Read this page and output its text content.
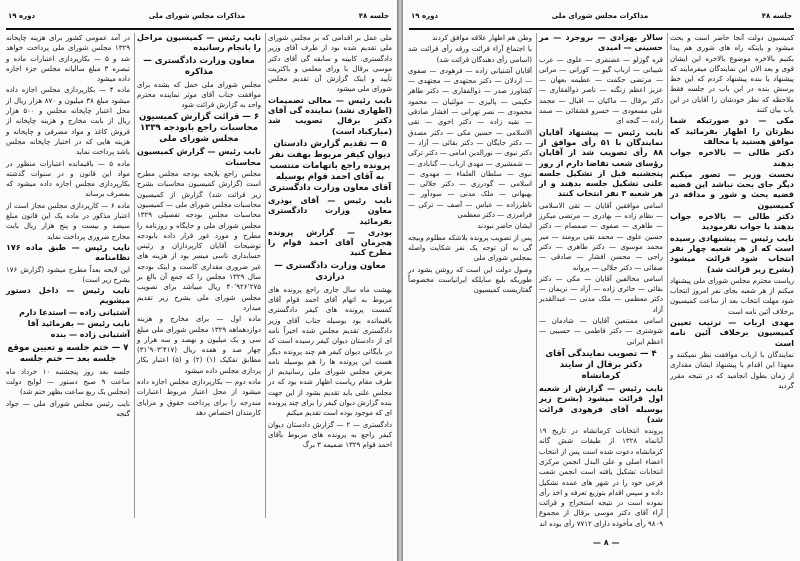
جلسه ۴۸
مذاکرات مجلس شورای ملی
دوره ۱۹

ملی عمل بر اقدامی که بر مجلس شورای ملی تقدیم شده بود از طرف آقای وزیر دادگستری. کابینه و سابقه گی آقای دکتر موسی برقال با ورای معلمی و باکثریت تأیید و اینک گزارش آن تقدیم مجلس شورای ملی میشود

نایب رئیس — معالی تصمیمات (اظهاری نشد) نماینده گی آقای دکتر برقال تصویب شد (مبارکباد است)

۵ — تقدیم گزارش دادستان دیوان کیفر مربوط بهفت نفر پرونده راجع باتهامات منتسب به آقای احمد قوام بوسیله آقای معاون وزارت دادگستری

نایب رئیس — آقای بوذری معاون وزارت دادگستری بفرمائید

بوذری — گزارش پرونده هجرمان آقای احمد قوام را مطرح کنید

معاون وزارت دادگستری — درازدی

بهشت ماه سال جاری راجع پرونده های مربوط به اتهام آقای احمد قوام آقای کمست پرونده های کیفر دادگستری باقیمانده بود بوسیله جناب آقای وزیر دادگستری تقدیم مجلس شده اخیراً نامه ای از دادستان دیوان کیفر رسیده است که در بایگانی دیوان کیفر هم چند پرونده دیگر هست این پرونده ها را هم بوسیله نامه بعرض مجلس شورای ملی رسانیدیم از طرف مقام ریاست اظهار شده بود که در مجلس علنی باید تقدیم بشود از این جهت بنده گزارش دیوان کیفر را برای چند پرونده ای که موجود بوده است تقدیم میکنم

دادگستری — ۲ — گزارش دادستان دیوان کیفر راجع به پرونده های مربوط بآقای احمد قوام ۱۳۲۹ ضمیمه ۳ برگ

نایب رئیس — کمیسیون مراحل را بانجام رسانیده

معاون وزارت دادگستری — مذاکره

مجلس شورای ملی حمل که بشده برای موافقت جناب آقای موثر نماینده محترم واحد به گزارش قرائت شود

۶ — قرائت گزارش کمیسیون محاسبات راجع بابودجه ۱۳۳۹ مجلس شورای ملی

نایب رئیس — گزارش کمیسیون محاسبات

مجلس راجع بلایحه بودجه مجلس مطرح است (گزارش کمیسیون محاسبات بشرح زیر قرائت شد) گزارش از کمیسیون محاسبات مجلس شورای ملی — کمیسیون محاسبات مجلس بودجه تفصیلی ۱۳۲۹ مجلس شورای ملی و جایگاه و روزنامه را مطرح و مورد غور قرار داده بابودجه توضیحات آقایان کارپردازان و رئیس حسابداری تاسی میسر بود از هزینه های غیر ضروری مقداری کاست و اینک بودجه سال ۱۳۲۹ مجلس را که جمع آن بالغ بر ۴۰٬۹۲۶٬۲۷۵ ریال میباشد برای تصویب مجلس شورای ملی بشرح زیر تقدیم میدارد

ماده اول — برای مخارج و هزینه دوازدهماهه ۱۳۲۹ مجلس شورای ملی مبلغ سی و یک میلیون و نهصد و سه هزار و چهار صد و هفده ریال (۳۱٬۹۰۳٬۴۱۷) مطابق تفکیک (۱) (۲) و (۵) اعتبار بکار پردازی مجلس داده میشود

ماده دوم — بکارپردازی مجلس اجازه داده میشود از محل اعتبار مربوط اعتبارات مندرجه را برای پرداخت حقوق و مزایای کارمندان اختصاص دهد

در آمد عمومی کشور برای هزینه چاپخانه ۱۳۲۹ مجلس شورای ملی پرداخت خواهد شد و ۵ — بکارپردازی اعتبارات ماده و تبصره ۳ مبلغ سالیانه مجلس جزء اجازه داده میشود

ماده ۴ — بکارپردازی مجلس اجازه داده میشود مبلغ ۳۸ میلیون و ۸۷۰ هزار ریال از محل اعتبار چاپخانه مجلس و ۵۰۰ هزار ریال از بابت مخارج و هزینه چاپخانه از فروش کاغذ و مواد مصرفی و چاپخانه و هزینه هایی که در اختیار چاپخانه مجلس باشد پرداخت نماید

ماده ۵ — باقیمانده اعتبارات منظور در مواد این قانون و در سنوات گذشته بکارپردازی مجلس اجازه داده میشود که بمصرف برساند

ماده ۶ — کارپردازی مجلس مجاز است از اعتبار مذکور در ماده یک این قانون مبلغ سیصد و بیست و پنج هزار ریال بابت مخارج ضروری پرداخت نماید

نایب رئیس — طبق ماده ۱۷۶ نظامنامه

این لایحه بعداً مطرح میشود (گزارش ۱۷۶ بشرح زیر است)

نایب رئیس — داخل دستور میشویم

آشتیانی زاده — استدعا دارم

نایب رئیس — بفرمائید آقا

آشتیانی زاده — بنده

۷ — ختم جلسه و تعیین موقع جلسه بعد — ختم جلسه

جلسه بعد روز پنجشنبه ۱۰ خرداد ماه ساعت ۹ صبح دستور — لوایح دولت (مجلس یک ربع ساعت بظهر ختم شد)

نایب رئیس مجلس شورای ملی — جواد گنجه

جلسه ۴۸
مذاکرات مجلس شورای ملی
دوره ۱۹

کمیسیون دولت آنجا حاضر است و بحث میشود و یاینکه راه های شوری هم پیدا بکنیم بالاخره موضوع بالاخره این ایشان قوی و بعد الان این نمایندگان میفرمایند که پیشنهاد یا بنده پیشنهاد کردم که این خط پرسش بنده در این باب در جلسه فقط ملاحظه که نظر خودشان را آقایان در این باب بیان کنند

مکی — دو صورتیکه شما نظرتان را اظهار بفرمائید که موافق هستید یا مخالف

دکتر طالی — بالاخره جواب بدهند

نخست وزیر — تصور میکنم دیگر جای بحث نباشد این قضیه قضیه بحث و شور و مداقه در کمیسیون

دکتر طالی — بالاخره جواب بدهند یا جواب نفرمودید

نایب رئیس — پیشنهادی رسیده است که از هر شعبه چهار نفر انتخاب شود قرائت میشود (بشرح زیر قرائت شد)

ریاست محترم مجلس شورای ملی پیشنهاد میکنم از هر شعبه بجای نفر امروز انتخاب شود مهلت انتخاب بعد از ساعت کمیسیون برخلاف آئین نامه است

مهدی ارباب — ترتیب تعیین کمیسیون برخلاف آئین نامه است

نمایندگان با ارباب موافقت نظر نمیکنند و معهذا این اقدام با پیشنهاد ایشان مقداری از زمان بطول انجامید که در نتیجه مقرر گردید

سالار بهزادی — بروجرد — مر حسینی — امیدی

قره گوزلو — غضنفری — علوی — عرب شیبانی — ارباب گیو — کورانی — مراتی — مرتضی حکمت — عطیمه بعهان — عزیز اعظم زنگنه — ناصر ذوالفقاری — دکتر برقال — ماکیان — اقبال — محمد علی مسعودی — خسرو قشقائی — صمد زاده — گنجه ای

نایب رئیس — پیشنهاد آقایان نمایندگان با ۵۱ رأی موافق از ۸۸ رأی تصویب شد از آقایان رؤسای شعب تقاضا دارم از روز پنجشنبه قبل از تشکیل جلسه علنی تشکیل جلسه بدهند و از هر شعبه ۳ نفر انتخاب کنند

اسامی موافقین آقایان — تقی الاسلامی — نظام زاده — بهادری — مرتضی میکرز — طاهری — صفوی — صمصام — دکتر حسین علوی — محمد تقی برومند — میر محمد موسوی — دکتر طاهری — دکتر راجی — محسن افشار — صادقی — صفائی — دکتر جلالی — پروانه

اسامی مخالفین آقایان — مکی — دکتر بقائی — حائری زاده — آزاد — نریمان — دکتر معظمی — ملک مدنی — عبدالقدیر آزاد

اسامی ممتنعین آقایان — شادمان — شوشتری — دکتر فاطمی — حسیبی — اعظم ایرانی

۴ — تصویب نمایندگی آقای دکتر برقال از سایند کرمانشاه

نایب رئیس — گزارش از شعبه اول قرائت میشود (بشرح زیر بوسیله آقای فرهودی قرائت شد)

پرونده انتخابات کرمانشاه در تاریخ ۱۹ آبانماه ۱۳۲۸ از طبقات شش گانه کرمانشاه دعوت شده است پس از انتخاب اعضاء اصلی و علی البدل انجمن مرکزی انتخابات تشکیل یافته است انجمن شعب فرعی خود را در شهر های عمده تشکیل داده و سپس اقدام بتوزیع تعرفه و اخذ رأی نموده است در نتیجه استخراج و قرائت آراء آقای دکتر موسی برقال از مجموع ۹۸۰۹ رأی مأخوذه دارای ۷۷۱۲ رأی بوده اند

وطن هم اظهار علاقه موافق کردند

با اجتماع آراء قرائت ورقه رأی قرائت شد (اسامی رأی دهندگان قرائت شد)

آقایان آشتیانی زاده — فرهودی — صفوی — اردلان — دکتر مجتهدی — مجتهدی — کشاورز صدر — ذوالفقاری — دکتر طاهر حکیمی — پالیزی — مولتیان — محمود محمودی — نصر تهرانی — افشار صادقی — نقیه زاده — دکتر اخوی — تقی الاسلامی — حسین مکی — دکتر مصدق — دکتر جایگان — دکتر بقائی — آزاد — دکتر نبوی — نورالدین امامی — دکتر ترکی — شمشیری — مهدی ارباب — گنابادی — نبوی — سلطان العلماء — مهدوی — اسلامی — گودرزی — دکتر جلالی — بهبهانی — ملک مدنی — سودآور — ناظرزاده — عباس — آصف — ترکی — فرامرزی — دکتر معظمی

ایشان حاضر نبودند

پس از تصویب پرونده بلاشکه مطلوم وبیجه گی به آن توجه یک نفر شکایت واصله بمجلس شورای ملی

وصول دولت این است که روشن بشود در طوریکه بلیع سایلکه ایرانیاست مخصوصاً گفتاریست کمیسیون

— ۸ —
